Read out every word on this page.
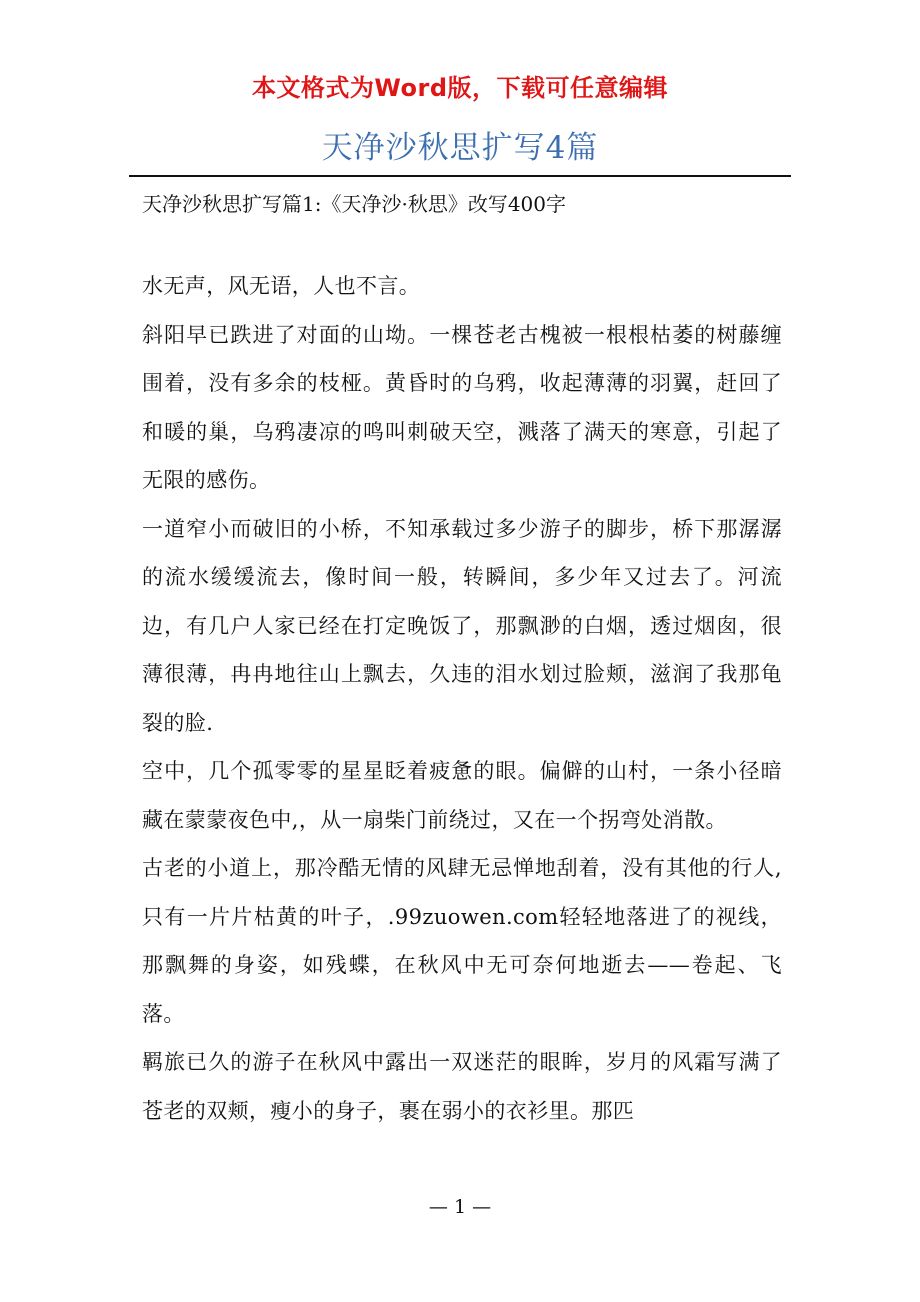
本文格式为Word版，下载可任意编辑
天净沙秋思扩写4篇

天净沙秋思扩写篇1:《天净沙·秋思》改写400字

水无声，风无语，人也不言。

斜阳早已跌进了对面的山坳。一棵苍老古槐被一根根枯萎的树藤缠围着，没有多余的枝桠。黄昏时的乌鸦，收起薄薄的羽翼，赶回了和暖的巢，乌鸦凄凉的鸣叫刺破天空，溅落了满天的寒意，引起了无限的感伤。

一道窄小而破旧的小桥，不知承载过多少游子的脚步，桥下那潺潺的流水缓缓流去，像时间一般，转瞬间，多少年又过去了。河流边，有几户人家已经在打定晚饭了，那飘渺的白烟，透过烟囱，很薄很薄，冉冉地往山上飘去，久违的泪水划过脸颊，滋润了我那龟裂的脸.

空中，几个孤零零的星星眨着疲惫的眼。偏僻的山村，一条小径暗藏在蒙蒙夜色中,，从一扇柴门前绕过，又在一个拐弯处消散。

古老的小道上，那冷酷无情的风肆无忌惮地刮着，没有其他的行人,只有一片片枯黄的叶子，.99zuowen.com轻轻地落进了的视线，那飘舞的身姿，如残蝶，在秋风中无可奈何地逝去——卷起、飞落。

羁旅已久的游子在秋风中露出一双迷茫的眼眸，岁月的风霜写满了苍老的双颊，瘦小的身子，裹在弱小的衣衫里。那匹

— 1 —
